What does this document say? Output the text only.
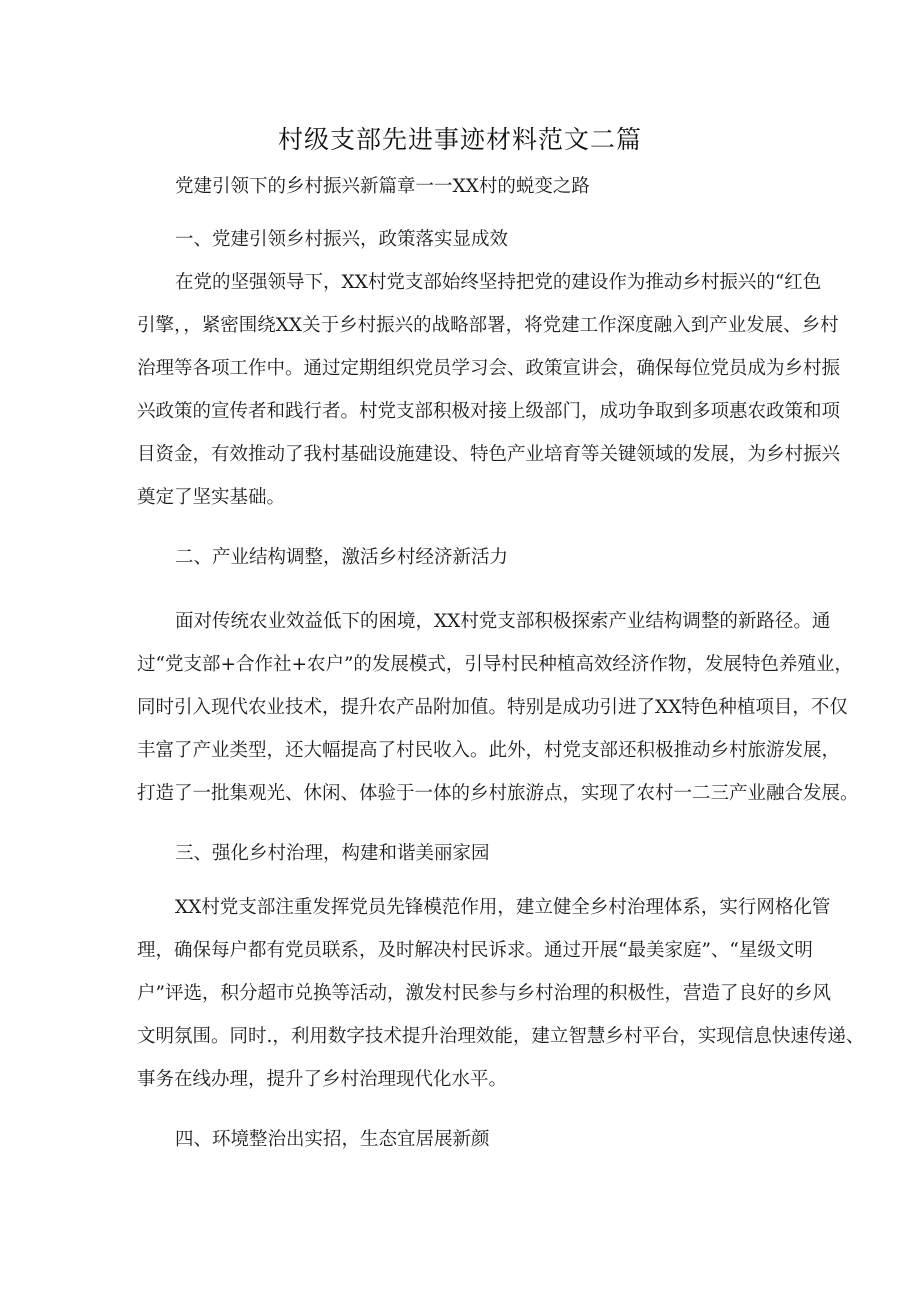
村级支部先进事迹材料范文二篇

党建引领下的乡村振兴新篇章一一XX村的蜕变之路

一、党建引领乡村振兴，政策落实显成效

在党的坚强领导下，XX村党支部始终坚持把党的建设作为推动乡村振兴的“红色

引擎，，紧密围绕XX关于乡村振兴的战略部署，将党建工作深度融入到产业发展、乡村

治理等各项工作中。通过定期组织党员学习会、政策宣讲会，确保每位党员成为乡村振

兴政策的宣传者和践行者。村党支部积极对接上级部门，成功争取到多项惠农政策和项

目资金，有效推动了我村基础设施建设、特色产业培育等关键领域的发展，为乡村振兴

奠定了坚实基础。

二、产业结构调整，激活乡村经济新活力

面对传统农业效益低下的困境，XX村党支部积极探索产业结构调整的新路径。通

过“党支部+合作社+农户”的发展模式，引导村民种植高效经济作物，发展特色养殖业，

同时引入现代农业技术，提升农产品附加值。特别是成功引进了XX特色种植项目，不仅

丰富了产业类型，还大幅提高了村民收入。此外，村党支部还积极推动乡村旅游发展，

打造了一批集观光、休闲、体验于一体的乡村旅游点，实现了农村一二三产业融合发展。

三、强化乡村治理，构建和谐美丽家园

XX村党支部注重发挥党员先锋模范作用，建立健全乡村治理体系，实行网格化管

理，确保每户都有党员联系，及时解决村民诉求。通过开展“最美家庭”、“星级文明

户”评选，积分超市兑换等活动，激发村民参与乡村治理的积极性，营造了良好的乡风

文明氛围。同时.，利用数字技术提升治理效能，建立智慧乡村平台，实现信息快速传递、

事务在线办理，提升了乡村治理现代化水平。

四、环境整治出实招，生态宜居展新颜
